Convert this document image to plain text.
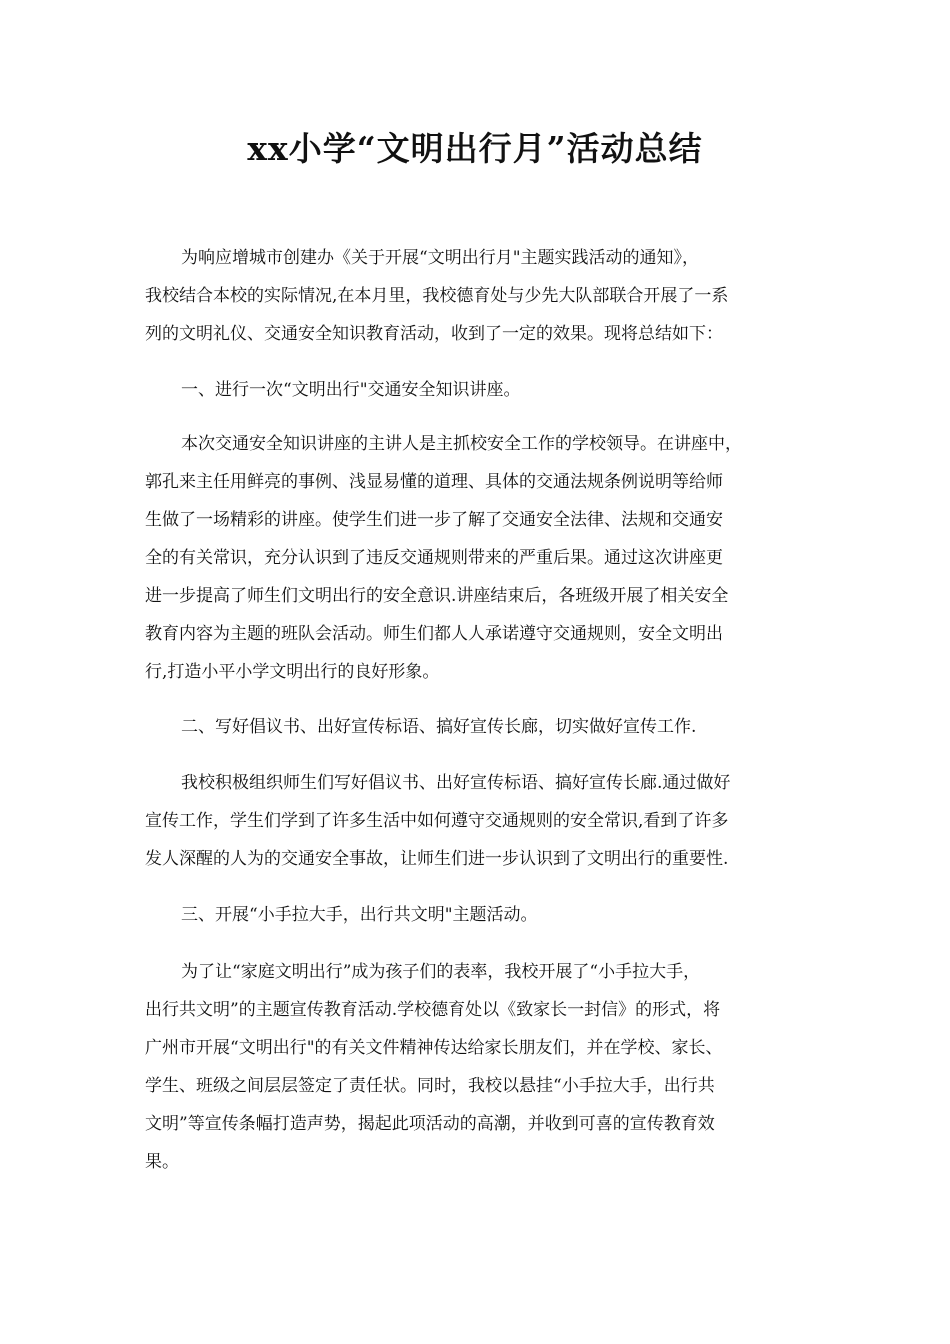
xx小学“文明出行月”活动总结
为响应增城市创建办《关于开展“文明出行月"主题实践活动的通知》，
我校结合本校的实际情况,在本月里，我校德育处与少先大队部联合开展了一系
列的文明礼仪、交通安全知识教育活动，收到了一定的效果。现将总结如下：
一、进行一次“文明出行"交通安全知识讲座。
本次交通安全知识讲座的主讲人是主抓校安全工作的学校领导。在讲座中，
郭孔来主任用鲜亮的事例、浅显易懂的道理、具体的交通法规条例说明等给师
生做了一场精彩的讲座。使学生们进一步了解了交通安全法律、法规和交通安
全的有关常识，充分认识到了违反交通规则带来的严重后果。通过这次讲座更
进一步提高了师生们文明出行的安全意识.讲座结束后，各班级开展了相关安全
教育内容为主题的班队会活动。师生们都人人承诺遵守交通规则，安全文明出
行,打造小平小学文明出行的良好形象。
二、写好倡议书、出好宣传标语、搞好宣传长廊，切实做好宣传工作.
我校积极组织师生们写好倡议书、出好宣传标语、搞好宣传长廊.通过做好
宣传工作，学生们学到了许多生活中如何遵守交通规则的安全常识,看到了许多
发人深醒的人为的交通安全事故，让师生们进一步认识到了文明出行的重要性.
三、开展“小手拉大手，出行共文明"主题活动。
为了让“家庭文明出行”成为孩子们的表率，我校开展了“小手拉大手，
出行共文明”的主题宣传教育活动.学校德育处以《致家长一封信》的形式，将
广州市开展“文明出行"的有关文件精神传达给家长朋友们，并在学校、家长、
学生、班级之间层层签定了责任状。同时，我校以悬挂“小手拉大手，出行共
文明”等宣传条幅打造声势，揭起此项活动的高潮，并收到可喜的宣传教育效
果。
